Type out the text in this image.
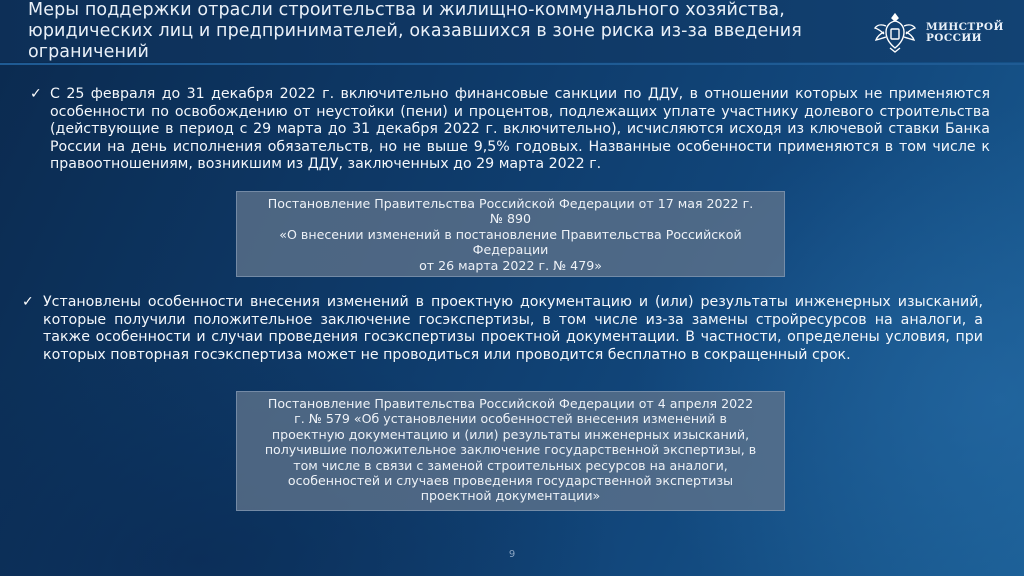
Меры поддержки отрасли строительства и жилищно-коммунального хозяйства, юридических лиц и предпринимателей, оказавшихся в зоне риска из-за введения ограничений
МИНСТРОЙ
РОССИИ
✓ С 25 февраля до 31 декабря 2022 г. включительно финансовые санкции по ДДУ, в отношении которых не применяются особенности по освобождению от неустойки (пени) и процентов, подлежащих уплате участнику долевого строительства (действующие в период с 29 марта до 31 декабря 2022 г. включительно), исчисляются исходя из ключевой ставки Банка России на день исполнения обязательств, но не выше 9,5% годовых. Названные особенности применяются в том числе к правоотношениям, возникшим из ДДУ, заключенных до 29 марта 2022 г.
Постановление Правительства Российской Федерации от 17 мая 2022 г.
№ 890
«О внесении изменений в постановление Правительства Российской
Федерации
от 26 марта 2022 г. № 479»
✓ Установлены особенности внесения изменений в проектную документацию и (или) результаты инженерных изысканий, которые получили положительное заключение госэкспертизы, в том числе из-за замены стройресурсов на аналоги, а также особенности и случаи проведения госэкспертизы проектной документации. В частности, определены условия, при которых повторная госэкспертиза может не проводиться или проводится бесплатно в сокращенный срок.
Постановление Правительства Российской Федерации от 4 апреля 2022
г. № 579 «Об установлении особенностей внесения изменений в
проектную документацию и (или) результаты инженерных изысканий,
получившие положительное заключение государственной экспертизы, в
том числе в связи с заменой строительных ресурсов на аналоги,
особенностей и случаев проведения государственной экспертизы
проектной документации»
9
